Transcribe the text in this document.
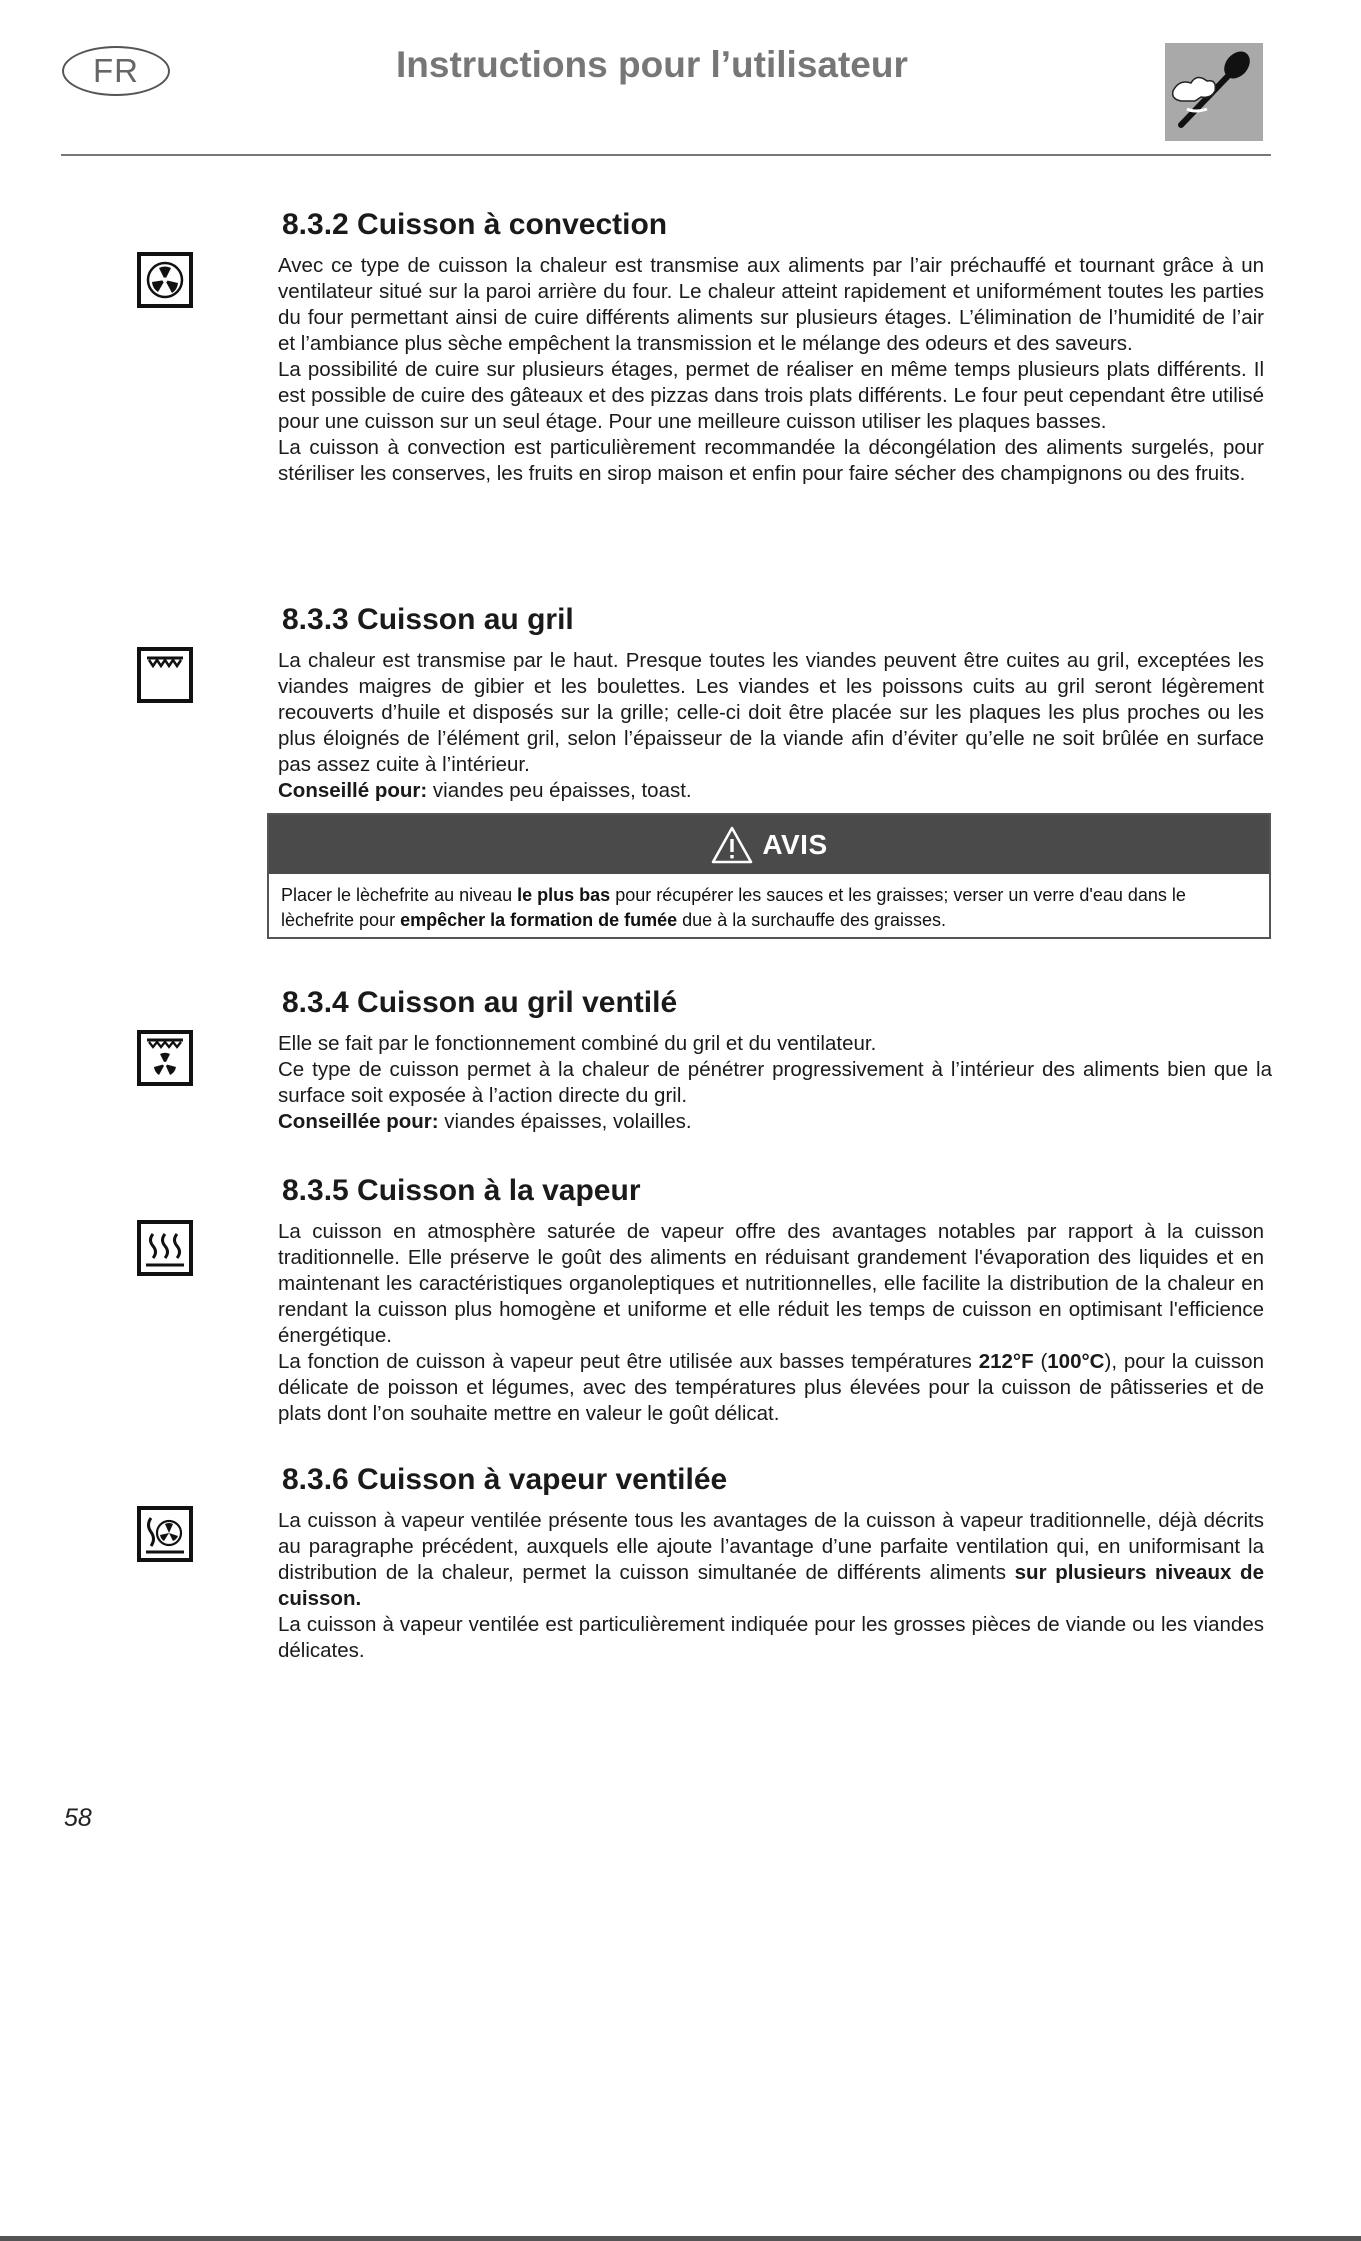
FR	Instructions pour l’utilisateur
8.3.2 Cuisson à convection

Avec ce type de cuisson la chaleur est transmise aux aliments par l’air préchauffé et tournant grâce à un ventilateur situé sur la paroi arrière du four. Le chaleur atteint rapidement et uniformément toutes les parties du four permettant ainsi de cuire différents aliments sur plusieurs étages. L’élimination de l’humidité de l’air et l’ambiance plus sèche empêchent la transmission et le mélange des odeurs et des saveurs.

La possibilité de cuire sur plusieurs étages, permet de réaliser en même temps plusieurs plats différents. Il est possible de cuire des gâteaux et des pizzas dans trois plats différents. Le four peut cependant être utilisé pour une cuisson sur un seul étage. Pour une meilleure cuisson utiliser les plaques basses.

La cuisson à convection est particulièrement recommandée la décongélation des aliments surgelés, pour stériliser les conserves, les fruits en sirop maison et enfin pour faire sécher des champignons ou des fruits.

8.3.3 Cuisson au gril

La chaleur est transmise par le haut. Presque toutes les viandes peuvent être cuites au gril, exceptées les viandes maigres de gibier et les boulettes. Les viandes et les poissons cuits au gril seront légèrement recouverts d’huile et disposés sur la grille; celle-ci doit être placée sur les plaques les plus proches ou les plus éloignés de l’élément gril, selon l’épaisseur de la viande afin d’éviter qu’elle ne soit brûlée en surface pas assez cuite à l’intérieur.

Conseillé pour: viandes peu épaisses, toast.

AVIS
Placer le lèchefrite au niveau le plus bas pour récupérer les sauces et les graisses; verser un verre d'eau dans le lèchefrite pour empêcher la formation de fumée due à la surchauffe des graisses.
8.3.4 Cuisson au gril ventilé

Elle se fait par le fonctionnement combiné du gril et du ventilateur.

Ce type de cuisson permet à la chaleur de pénétrer progressivement à l’intérieur des aliments bien que la surface soit exposée à l’action directe du gril.

Conseillée pour: viandes épaisses, volailles.

8.3.5 Cuisson à la vapeur

La cuisson en atmosphère saturée de vapeur offre des avantages notables par rapport à la cuisson traditionnelle. Elle préserve le goût des aliments en réduisant grandement l'évaporation des liquides et en maintenant les caractéristiques organoleptiques et nutritionnelles, elle facilite la distribution de la chaleur en rendant la cuisson plus homogène et uniforme et elle réduit les temps de cuisson en optimisant l'efficience énergétique.

La fonction de cuisson à vapeur peut être utilisée aux basses températures 212°F (100°C), pour la cuisson délicate de poisson et légumes, avec des températures plus élevées pour la cuisson de pâtisseries et de plats dont l’on souhaite mettre en valeur le goût délicat.

8.3.6 Cuisson à vapeur ventilée

La cuisson à vapeur ventilée présente tous les avantages de la cuisson à vapeur traditionnelle, déjà décrits au paragraphe précédent, auxquels elle ajoute l’avantage d’une parfaite ventilation qui, en uniformisant la distribution de la chaleur, permet la cuisson simultanée de différents aliments sur plusieurs niveaux de cuisson.

La cuisson à vapeur ventilée est particulièrement indiquée pour les grosses pièces de viande ou les viandes délicates.

58
